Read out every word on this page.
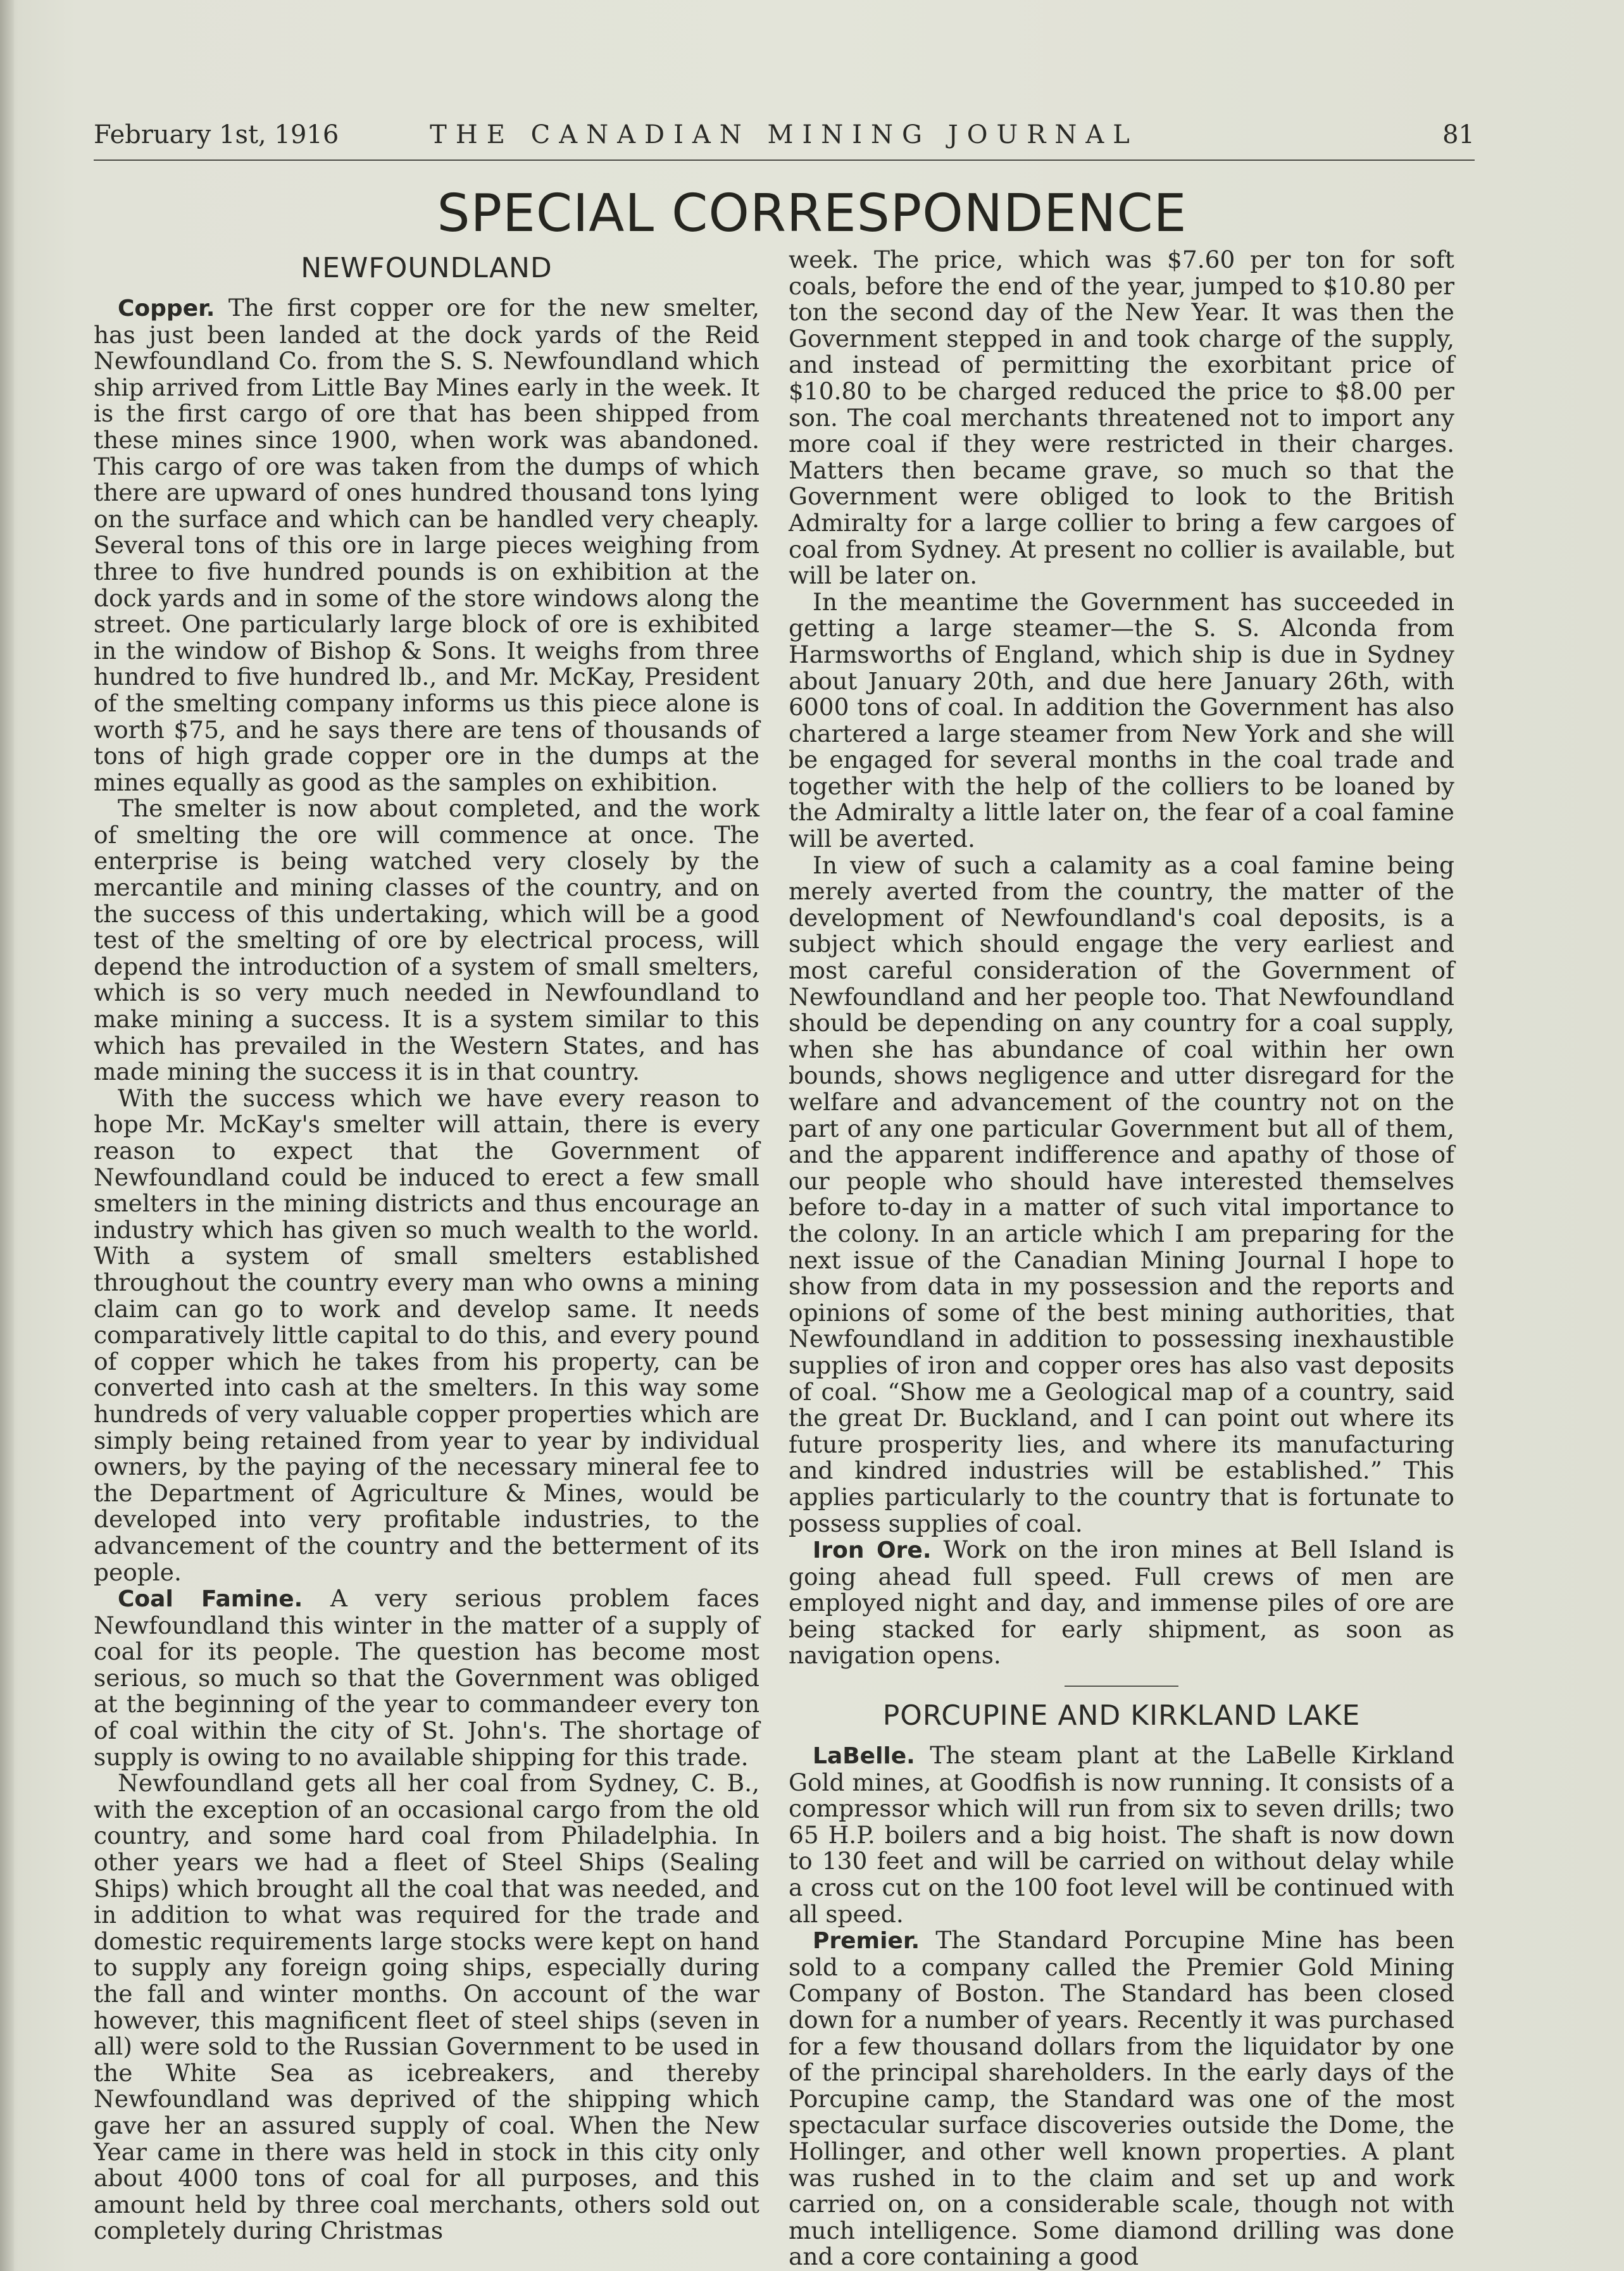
February 1st, 1916	THE CANADIAN MINING JOURNAL	81
SPECIAL CORRESPONDENCE
NEWFOUNDLAND

Copper. The first copper ore for the new smelter, has just been landed at the dock yards of the Reid Newfoundland Co. from the S. S. Newfoundland which ship arrived from Little Bay Mines early in the week. It is the first cargo of ore that has been shipped from these mines since 1900, when work was abandoned. This cargo of ore was taken from the dumps of which there are upward of ones hundred thousand tons lying on the surface and which can be handled very cheaply. Several tons of this ore in large pieces weighing from three to five hundred pounds is on exhibition at the dock yards and in some of the store windows along the street. One particularly large block of ore is exhibited in the window of Bishop & Sons. It weighs from three hundred to five hundred lb., and Mr. McKay, President of the smelting company informs us this piece alone is worth $75, and he says there are tens of thousands of tons of high grade copper ore in the dumps at the mines equally as good as the samples on exhibition.

The smelter is now about completed, and the work of smelting the ore will commence at once. The enterprise is being watched very closely by the mercantile and mining classes of the country, and on the success of this undertaking, which will be a good test of the smelting of ore by electrical process, will depend the introduction of a system of small smelters, which is so very much needed in Newfoundland to make mining a success. It is a system similar to this which has prevailed in the Western States, and has made mining the success it is in that country.

With the success which we have every reason to hope Mr. McKay's smelter will attain, there is every reason to expect that the Government of Newfoundland could be induced to erect a few small smelters in the mining districts and thus encourage an industry which has given so much wealth to the world. With a system of small smelters established throughout the country every man who owns a mining claim can go to work and develop same. It needs comparatively little capital to do this, and every pound of copper which he takes from his property, can be converted into cash at the smelters. In this way some hundreds of very valuable copper properties which are simply being retained from year to year by individual owners, by the paying of the necessary mineral fee to the Department of Agriculture & Mines, would be developed into very profitable industries, to the advancement of the country and the betterment of its people.

Coal Famine. A very serious problem faces Newfoundland this winter in the matter of a supply of coal for its people. The question has become most serious, so much so that the Government was obliged at the beginning of the year to commandeer every ton of coal within the city of St. John's. The shortage of supply is owing to no available shipping for this trade.

Newfoundland gets all her coal from Sydney, C. B., with the exception of an occasional cargo from the old country, and some hard coal from Philadelphia. In other years we had a fleet of Steel Ships (Sealing Ships) which brought all the coal that was needed, and in addition to what was required for the trade and domestic requirements large stocks were kept on hand to supply any foreign going ships, especially during the fall and winter months. On account of the war however, this magnificent fleet of steel ships (seven in all) were sold to the Russian Government to be used in the White Sea as icebreakers, and thereby Newfoundland was deprived of the shipping which gave her an assured supply of coal. When the New Year came in there was held in stock in this city only about 4000 tons of coal for all purposes, and this amount held by three coal merchants, others sold out completely during Christmas

week. The price, which was $7.60 per ton for soft coals, before the end of the year, jumped to $10.80 per ton the second day of the New Year. It was then the Government stepped in and took charge of the supply, and instead of permitting the exorbitant price of $10.80 to be charged reduced the price to $8.00 per son. The coal merchants threatened not to import any more coal if they were restricted in their charges. Matters then became grave, so much so that the Government were obliged to look to the British Admiralty for a large collier to bring a few cargoes of coal from Sydney. At present no collier is available, but will be later on.

In the meantime the Government has succeeded in getting a large steamer—the S. S. Alconda from Harmsworths of England, which ship is due in Sydney about January 20th, and due here January 26th, with 6000 tons of coal. In addition the Government has also chartered a large steamer from New York and she will be engaged for several months in the coal trade and together with the help of the colliers to be loaned by the Admiralty a little later on, the fear of a coal famine will be averted.

In view of such a calamity as a coal famine being merely averted from the country, the matter of the development of Newfoundland's coal deposits, is a subject which should engage the very earliest and most careful consideration of the Government of Newfoundland and her people too. That Newfoundland should be depending on any country for a coal supply, when she has abundance of coal within her own bounds, shows negligence and utter disregard for the welfare and advancement of the country not on the part of any one particular Government but all of them, and the apparent indifference and apathy of those of our people who should have interested themselves before to-day in a matter of such vital importance to the colony. In an article which I am preparing for the next issue of the Canadian Mining Journal I hope to show from data in my possession and the reports and opinions of some of the best mining authorities, that Newfoundland in addition to possessing inexhaustible supplies of iron and copper ores has also vast deposits of coal. “Show me a Geological map of a country, said the great Dr. Buckland, and I can point out where its future prosperity lies, and where its manufacturing and kindred industries will be established.” This applies particularly to the country that is fortunate to possess supplies of coal.

Iron Ore. Work on the iron mines at Bell Island is going ahead full speed. Full crews of men are employed night and day, and immense piles of ore are being stacked for early shipment, as soon as navigation opens.

PORCUPINE AND KIRKLAND LAKE

LaBelle. The steam plant at the LaBelle Kirkland Gold mines, at Goodfish is now running. It consists of a compressor which will run from six to seven drills; two 65 H.P. boilers and a big hoist. The shaft is now down to 130 feet and will be carried on without delay while a cross cut on the 100 foot level will be continued with all speed.

Premier. The Standard Porcupine Mine has been sold to a company called the Premier Gold Mining Company of Boston. The Standard has been closed down for a number of years. Recently it was purchased for a few thousand dollars from the liquidator by one of the principal shareholders. In the early days of the Porcupine camp, the Standard was one of the most spectacular surface discoveries outside the Dome, the Hollinger, and other well known properties. A plant was rushed in to the claim and set up and work carried on, on a considerable scale, though not with much intelligence. Some diamond drilling was done and a core containing a good
